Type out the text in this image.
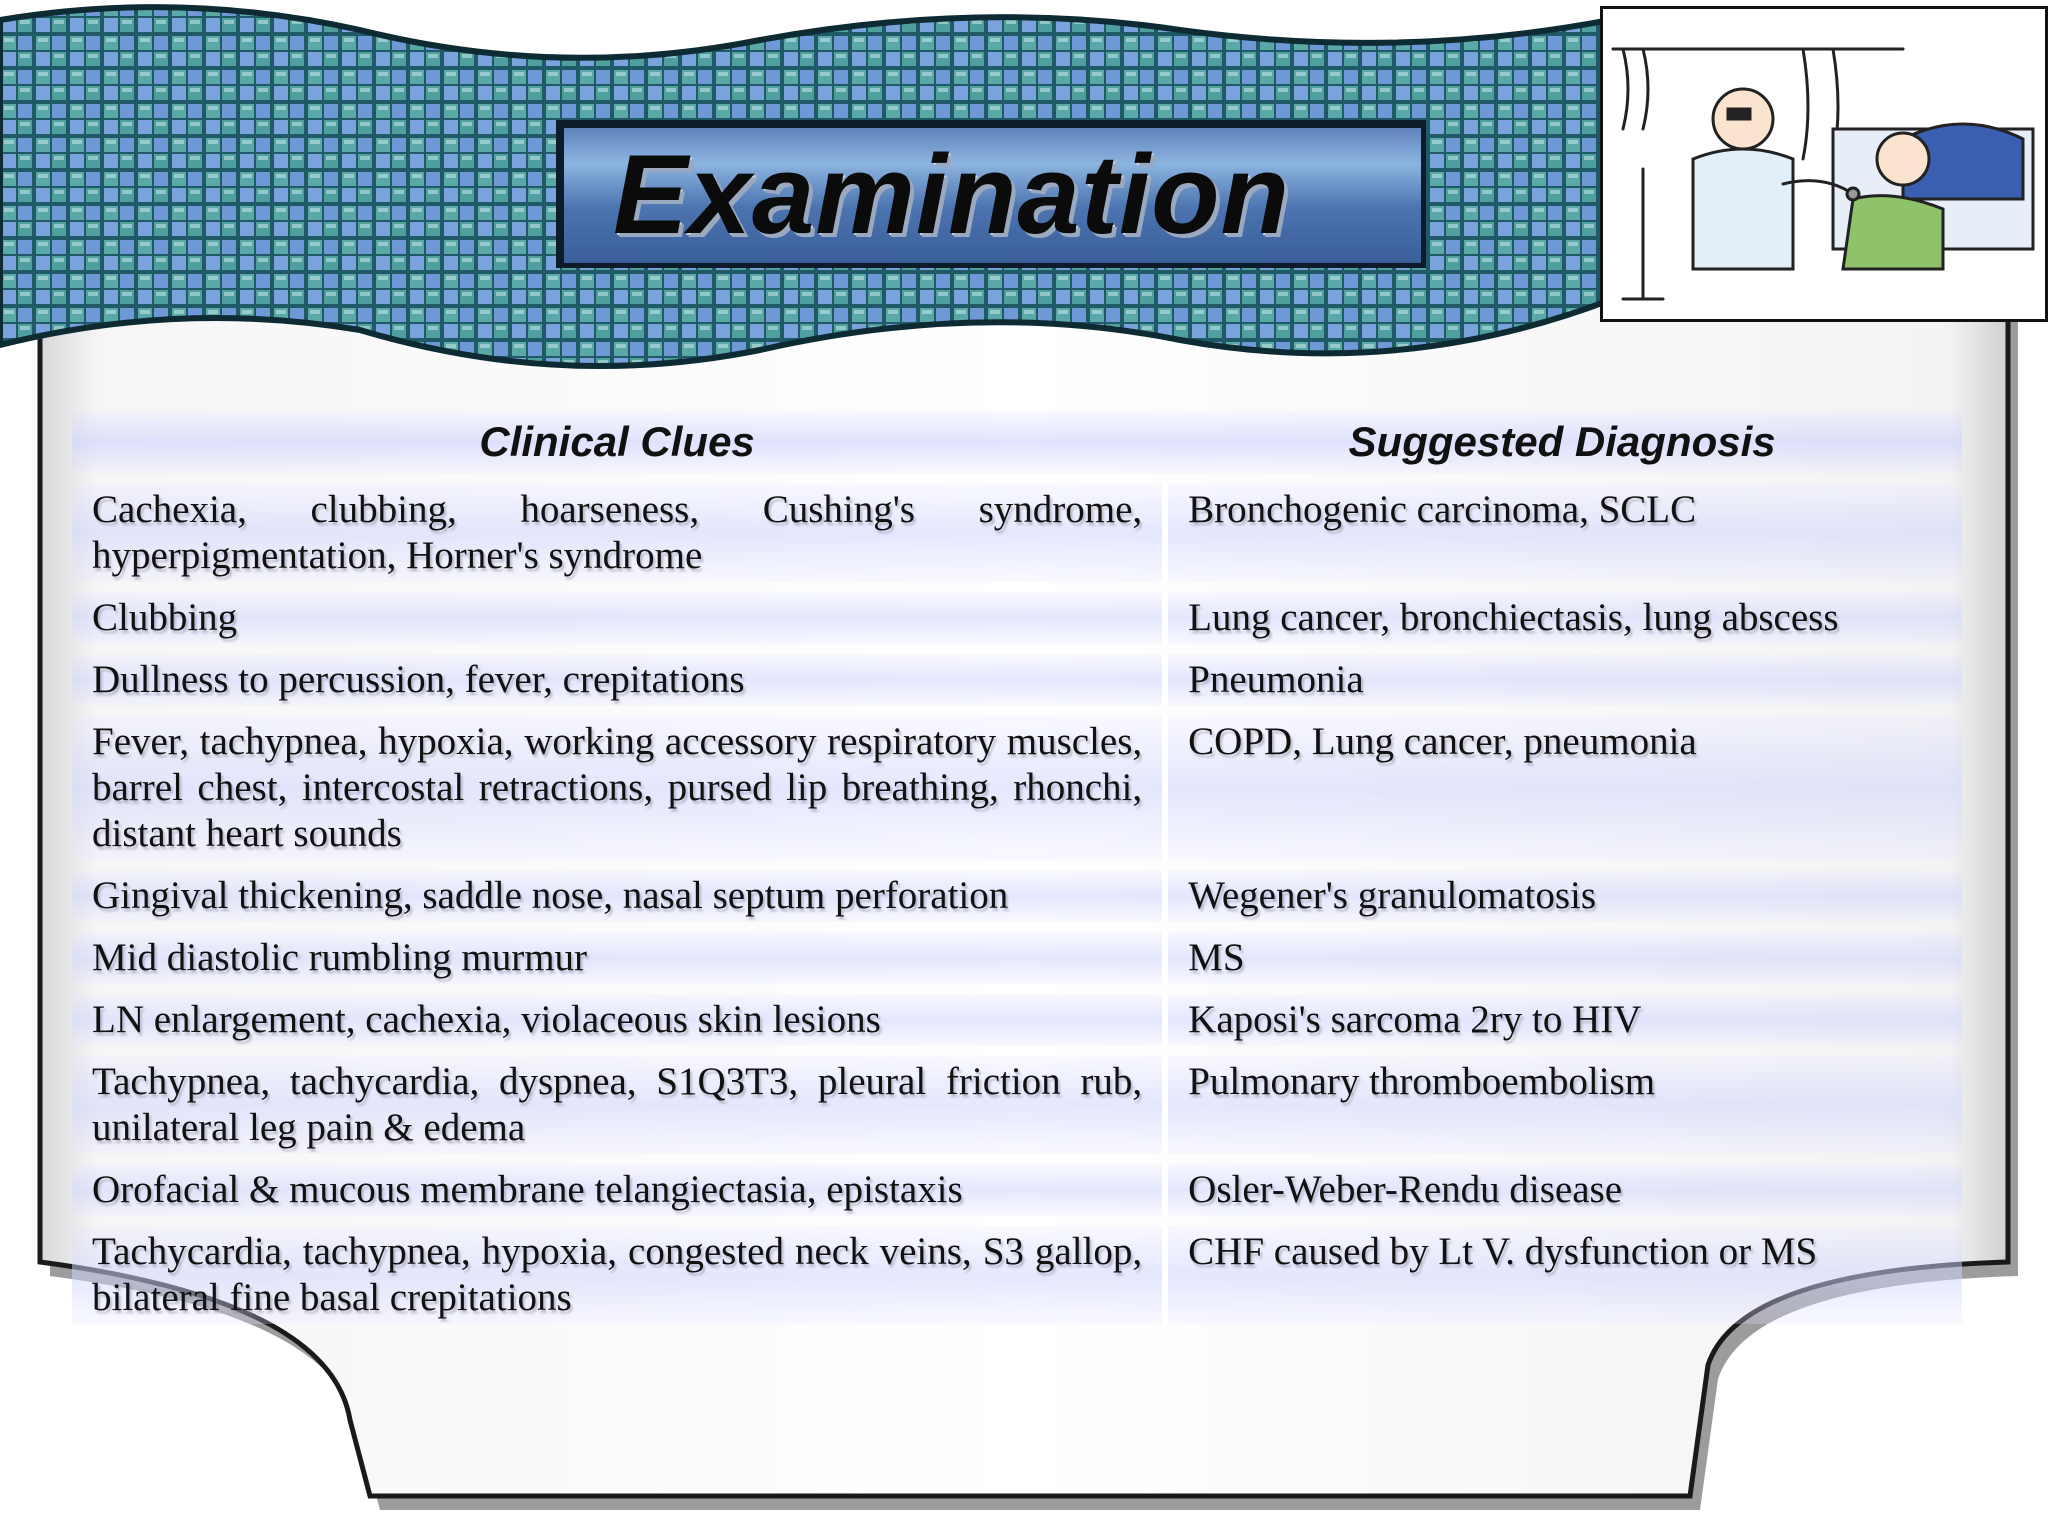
Examination
Clinical Clues	Suggested Diagnosis
Cachexia, clubbing, hoarseness, Cushing's syndrome, hyperpigmentation, Horner's syndrome	Bronchogenic carcinoma, SCLC
Clubbing	Lung cancer, bronchiectasis, lung abscess
Dullness to percussion, fever, crepitations	Pneumonia
Fever, tachypnea, hypoxia, working accessory respiratory muscles, barrel chest, intercostal retractions, pursed lip breathing, rhonchi, distant heart sounds	COPD, Lung cancer, pneumonia
Gingival thickening, saddle nose, nasal septum perforation	Wegener's granulomatosis
Mid diastolic rumbling murmur	MS
LN enlargement, cachexia, violaceous skin lesions	Kaposi's sarcoma 2ry to HIV
Tachypnea, tachycardia, dyspnea, S1Q3T3, pleural friction rub, unilateral leg pain & edema	Pulmonary thromboembolism
Orofacial & mucous membrane telangiectasia, epistaxis	Osler-Weber-Rendu disease
Tachycardia, tachypnea, hypoxia, congested neck veins, S3 gallop, bilateral fine basal crepitations	CHF caused by Lt V. dysfunction or MS
